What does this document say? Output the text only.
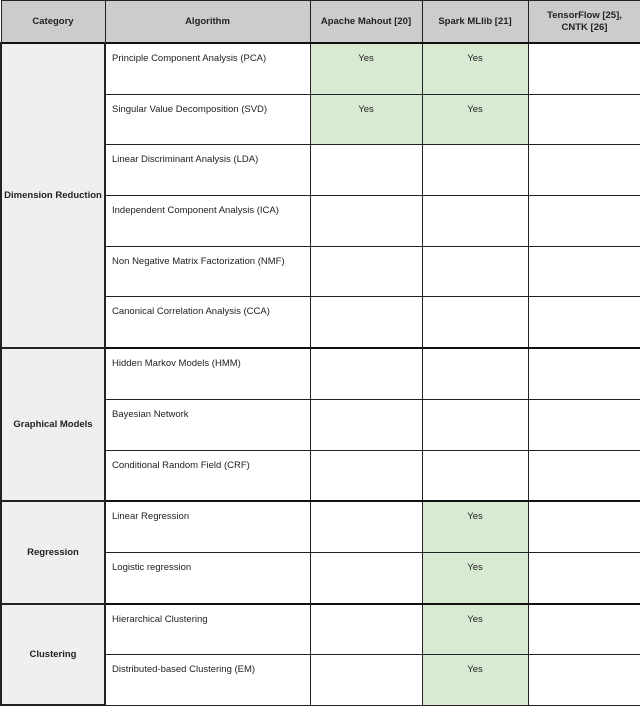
Category	Algorithm	Apache Mahout [20]	Spark MLlib [21]	TensorFlow [25], CNTK [26]
Dimension Reduction	Principle Component Analysis (PCA)	Yes	Yes	
	Singular Value Decomposition (SVD)	Yes	Yes	
	Linear Discriminant Analysis (LDA)			
	Independent Component Analysis (ICA)			
	Non Negative Matrix Factorization (NMF)			
	Canonical Correlation Analysis (CCA)			
Graphical Models	Hidden Markov Models (HMM)			
	Bayesian Network			
	Conditional Random Field (CRF)			
Regression	Linear Regression		Yes	
	Logistic regression		Yes	
Clustering	Hierarchical Clustering		Yes	
	Distributed-based Clustering (EM)		Yes	
